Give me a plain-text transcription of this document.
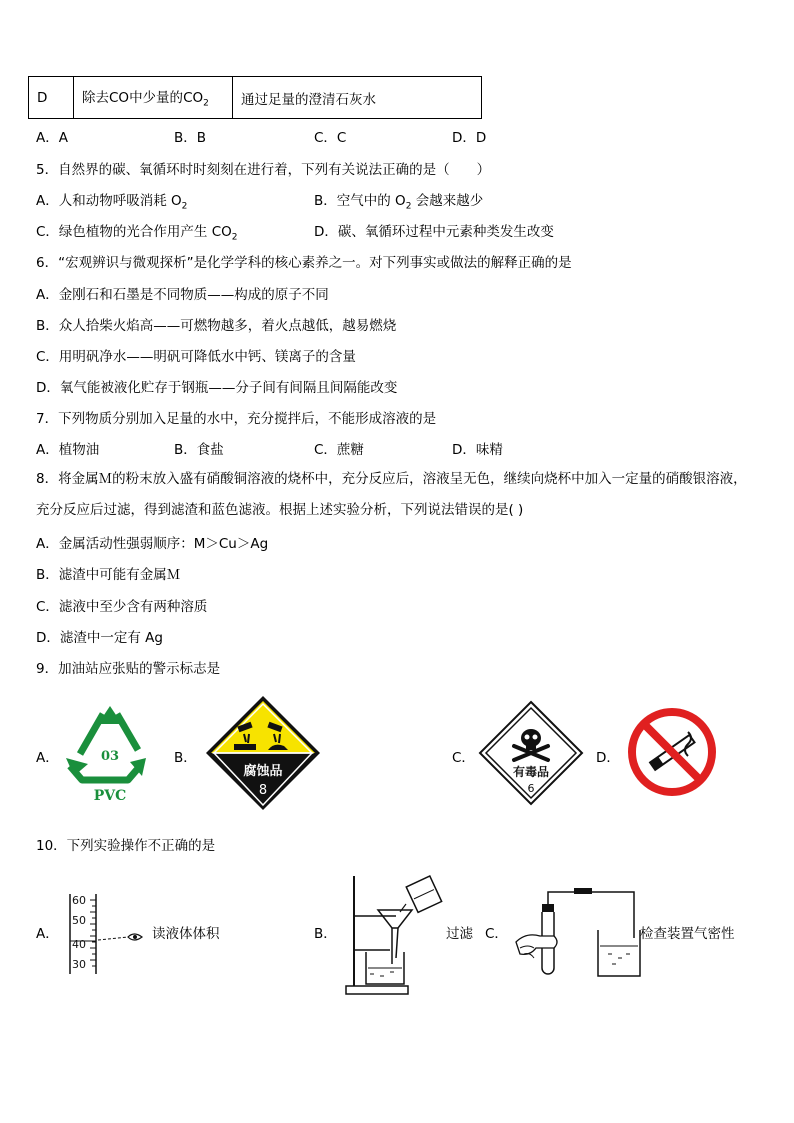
D	除去CO中少量的$CO_2$	通过足量的澄清石灰水
A．A	B．B	C．C	D．D
5．自然界的碳、氧循环时时刻刻在进行着，下列有关说法正确的是（　　）
A．人和动物呼吸消耗 $O_2$	B．空气中的 $O_2$ 会越来越少
C．绿色植物的光合作用产生 $CO_2$	D．碳、氧循环过程中元素种类发生改变
6．“宏观辨识与微观探析”是化学学科的核心素养之一。对下列事实或做法的解释正确的是
A．金刚石和石墨是不同物质——构成的原子不同
B．众人拾柴火焰高——可燃物越多，着火点越低，越易燃烧
C．用明矾净水——明矾可降低水中钙、镁离子的含量
D．氧气能被液化贮存于钢瓶——分子间有间隔且间隔能改变
7．下列物质分别加入足量的水中，充分搅拌后，不能形成溶液的是
A．植物油	B．食盐	C．蔗糖	D．味精
8．将金属Ｍ的粉末放入盛有硝酸铜溶液的烧杯中，充分反应后，溶液呈无色，继续向烧杯中加入一定量的硝酸银溶液，充分反应后过滤，得到滤渣和蓝色滤液。根据上述实验分析，下列说法错误的是( )
A．金属活动性强弱顺序：M＞Cu＞Ag
B．滤渣中可能有金属Ｍ
C．滤液中至少含有两种溶质
D．滤渣中一定有 Ag
9．加油站应张贴的警示标志是
A．	B．	C．	D．
03
PVC
腐蚀品
8
有毒品
6
10．下列实验操作不正确的是
A．	B．	C．
60
50
40
30
读液体体积	过滤	检查装置气密性
